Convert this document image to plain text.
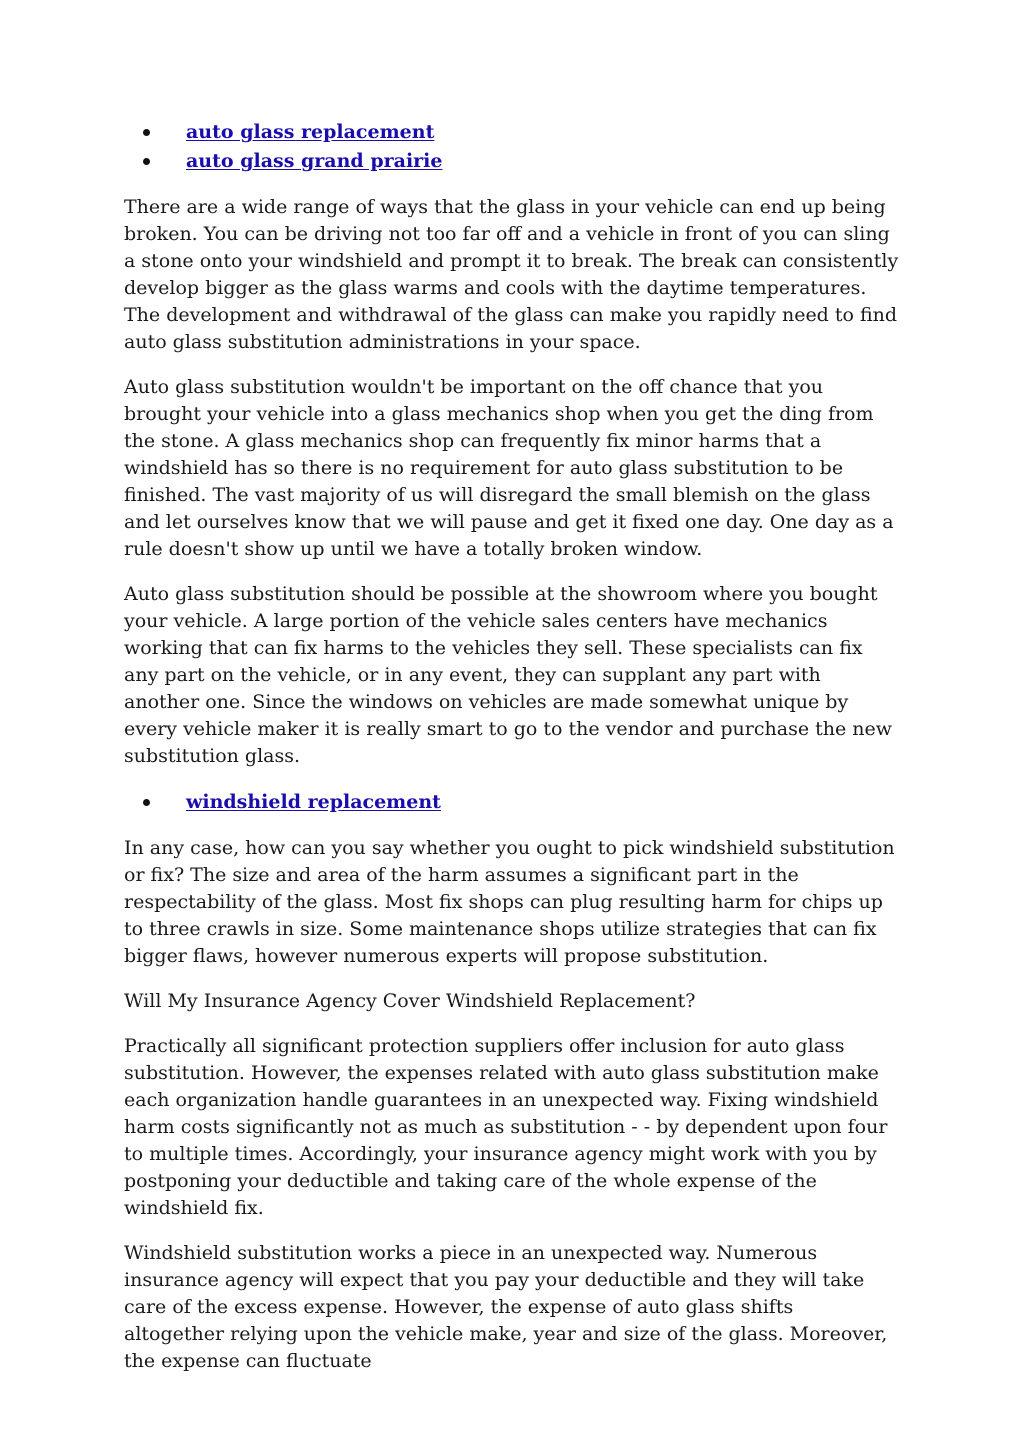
auto glass replacement
auto glass grand prairie

There are a wide range of ways that the glass in your vehicle can end up being broken. You can be driving not too far off and a vehicle in front of you can sling a stone onto your windshield and prompt it to break. The break can consistently develop bigger as the glass warms and cools with the daytime temperatures. The development and withdrawal of the glass can make you rapidly need to find auto glass substitution administrations in your space.

Auto glass substitution wouldn't be important on the off chance that you brought your vehicle into a glass mechanics shop when you get the ding from the stone. A glass mechanics shop can frequently fix minor harms that a windshield has so there is no requirement for auto glass substitution to be finished. The vast majority of us will disregard the small blemish on the glass and let ourselves know that we will pause and get it fixed one day. One day as a rule doesn't show up until we have a totally broken window.

Auto glass substitution should be possible at the showroom where you bought your vehicle. A large portion of the vehicle sales centers have mechanics working that can fix harms to the vehicles they sell. These specialists can fix any part on the vehicle, or in any event, they can supplant any part with another one. Since the windows on vehicles are made somewhat unique by every vehicle maker it is really smart to go to the vendor and purchase the new substitution glass.

windshield replacement

In any case, how can you say whether you ought to pick windshield substitution or fix? The size and area of the harm assumes a significant part in the respectability of the glass. Most fix shops can plug resulting harm for chips up to three crawls in size. Some maintenance shops utilize strategies that can fix bigger flaws, however numerous experts will propose substitution.

Will My Insurance Agency Cover Windshield Replacement?

Practically all significant protection suppliers offer inclusion for auto glass substitution. However, the expenses related with auto glass substitution make each organization handle guarantees in an unexpected way. Fixing windshield harm costs significantly not as much as substitution - - by dependent upon four to multiple times. Accordingly, your insurance agency might work with you by postponing your deductible and taking care of the whole expense of the windshield fix.

Windshield substitution works a piece in an unexpected way. Numerous insurance agency will expect that you pay your deductible and they will take care of the excess expense. However, the expense of auto glass shifts altogether relying upon the vehicle make, year and size of the glass. Moreover, the expense can fluctuate
